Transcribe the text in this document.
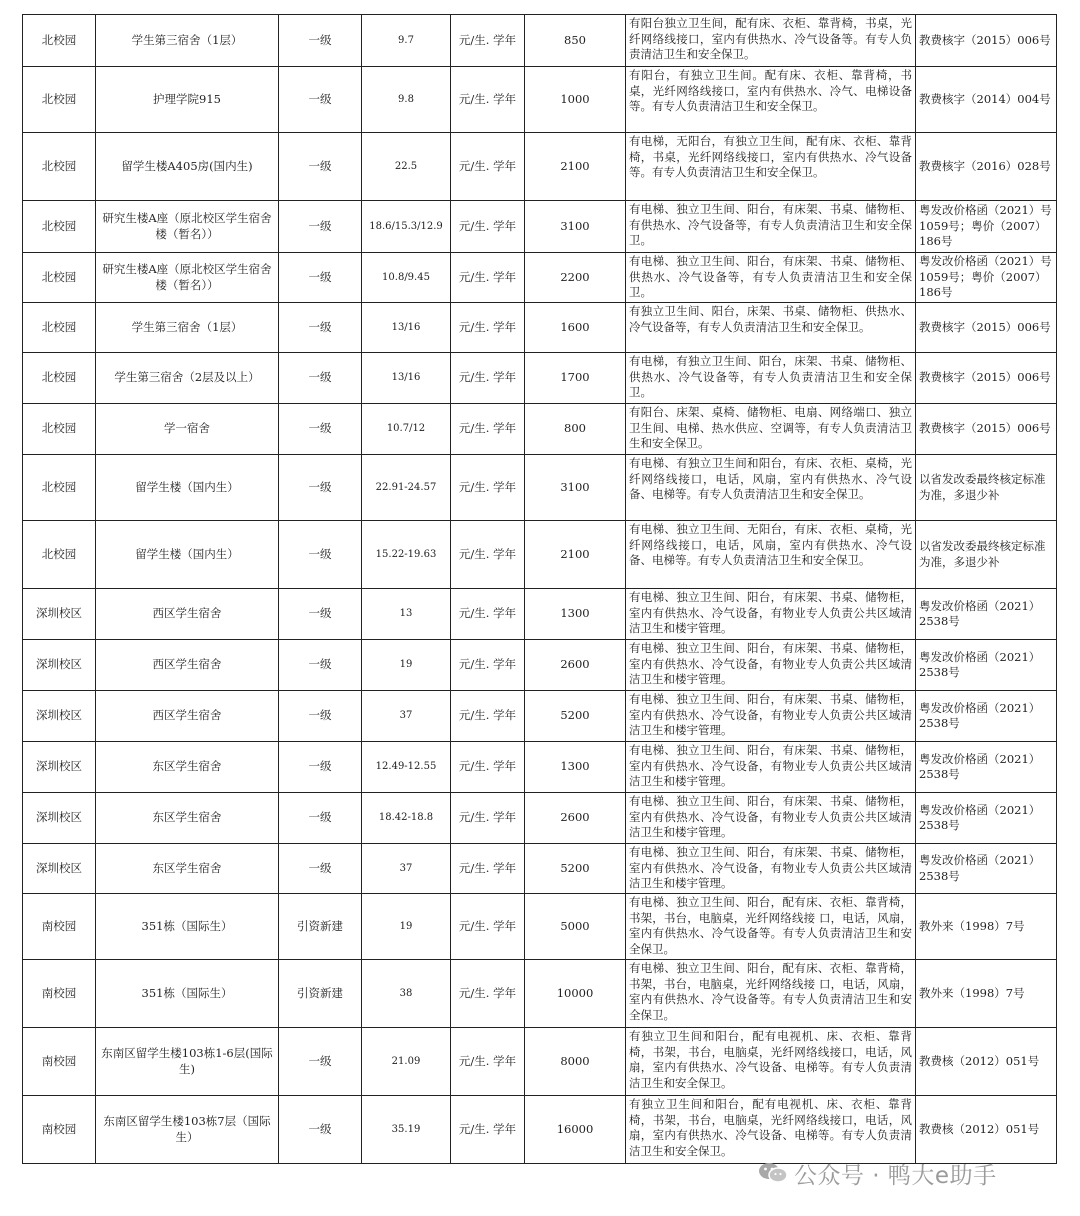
北校园	学生第三宿舍（1层）	一级	9.7	元/生. 学年	850	有阳台独立卫生间，配有床、衣柜、靠背椅，书桌，光纤网络线接口，室内有供热水、冷气设备等。有专人负责清洁卫生和安全保卫。	教费核字（2015）006号
北校园	护理学院915	一级	9.8	元/生. 学年	1000	有阳台，有独立卫生间。配有床、衣柜、靠背椅，书桌，光纤网络线接口，室内有供热水、冷气、电梯设备等。有专人负责清洁卫生和安全保卫。	教费核字（2014）004号
北校园	留学生楼A405房(国内生)	一级	22.5	元/生. 学年	2100	有电梯，无阳台，有独立卫生间，配有床、衣柜、靠背椅，书桌，光纤网络线接口，室内有供热水、冷气设备等。有专人负责清洁卫生和安全保卫。	教费核字（2016）028号
北校园	研究生楼A座（原北校区学生宿舍楼（暂名））	一级	18.6/15.3/12.9	元/生. 学年	3100	有电梯、独立卫生间、阳台，有床架、书桌、储物柜、有供热水、冷气设备等，有专人负责清洁卫生和安全保卫。	粤发改价格函（2021）号1059号；粤价（2007）186号
北校园	研究生楼A座（原北校区学生宿舍楼（暂名））	一级	10.8/9.45	元/生. 学年	2200	有电梯、独立卫生间、阳台，有床架、书桌、储物柜、供热水、冷气设备等，有专人负责清洁卫生和安全保卫。	粤发改价格函（2021）号1059号；粤价（2007）186号
北校园	学生第三宿舍（1层）	一级	13/16	元/生. 学年	1600	有独立卫生间、阳台，床架、书桌、储物柜、供热水、冷气设备等，有专人负责清洁卫生和安全保卫。	教费核字（2015）006号
北校园	学生第三宿舍（2层及以上）	一级	13/16	元/生. 学年	1700	有电梯，有独立卫生间、阳台，床架、书桌、储物柜、供热水、冷气设备等，有专人负责清洁卫生和安全保卫。	教费核字（2015）006号
北校园	学一宿舍	一级	10.7/12	元/生. 学年	800	有阳台、床架、桌椅、储物柜、电扇、网络端口、独立卫生间、电梯、热水供应、空调等，有专人负责清洁卫生和安全保卫。	教费核字（2015）006号
北校园	留学生楼（国内生）	一级	22.91-24.57	元/生. 学年	3100	有电梯、有独立卫生间和阳台，有床、衣柜、桌椅，光纤网络线接口，电话，风扇，室内有供热水、冷气设备、电梯等。有专人负责清洁卫生和安全保卫。	以省发改委最终核定标准为准，多退少补
北校园	留学生楼（国内生）	一级	15.22-19.63	元/生. 学年	2100	有电梯、独立卫生间、无阳台，有床、衣柜、桌椅，光纤网络线接口，电话，风扇，室内有供热水、冷气设备、电梯等。有专人负责清洁卫生和安全保卫。	以省发改委最终核定标准为准，多退少补
深圳校区	西区学生宿舍	一级	13	元/生. 学年	1300	有电梯、独立卫生间、阳台，有床架、书桌、储物柜，室内有供热水、冷气设备，有物业专人负责公共区域清洁卫生和楼宇管理。	粤发改价格函（2021）2538号
深圳校区	西区学生宿舍	一级	19	元/生. 学年	2600	有电梯、独立卫生间、阳台，有床架、书桌、储物柜，室内有供热水、冷气设备，有物业专人负责公共区域清洁卫生和楼宇管理。	粤发改价格函（2021）2538号
深圳校区	西区学生宿舍	一级	37	元/生. 学年	5200	有电梯、独立卫生间、阳台，有床架、书桌、储物柜，室内有供热水、冷气设备，有物业专人负责公共区域清洁卫生和楼宇管理。	粤发改价格函（2021）2538号
深圳校区	东区学生宿舍	一级	12.49-12.55	元/生. 学年	1300	有电梯、独立卫生间、阳台，有床架、书桌、储物柜，室内有供热水、冷气设备，有物业专人负责公共区域清洁卫生和楼宇管理。	粤发改价格函（2021）2538号
深圳校区	东区学生宿舍	一级	18.42-18.8	元/生. 学年	2600	有电梯、独立卫生间、阳台，有床架、书桌、储物柜，室内有供热水、冷气设备，有物业专人负责公共区域清洁卫生和楼宇管理。	粤发改价格函（2021）2538号
深圳校区	东区学生宿舍	一级	37	元/生. 学年	5200	有电梯、独立卫生间、阳台，有床架、书桌、储物柜，室内有供热水、冷气设备，有物业专人负责公共区域清洁卫生和楼宇管理。	粤发改价格函（2021）2538号
南校园	351栋（国际生）	引资新建	19	元/生. 学年	5000	有电梯、独立卫生间、阳台，配有床、衣柜、靠背椅，书架，书台，电脑桌，光纤网络线接 口，电话，风扇，室内有供热水、冷气设备等。有专人负责清洁卫生和安全保卫。	教外来（1998）7号
南校园	351栋（国际生）	引资新建	38	元/生. 学年	10000	有电梯、独立卫生间、阳台，配有床、衣柜、靠背椅，书架，书台，电脑桌，光纤网络线接 口，电话，风扇，室内有供热水、冷气设备等。有专人负责清洁卫生和安全保卫。	教外来（1998）7号
南校园	东南区留学生楼103栋1-6层(国际生)	一级	21.09	元/生. 学年	8000	有独立卫生间和阳台，配有电视机、床、衣柜、靠背椅，书架，书台，电脑桌，光纤网络线接口，电话，风扇，室内有供热水、冷气设备、电梯等。有专人负责清洁卫生和安全保卫。	教费核（2012）051号
南校园	东南区留学生楼103栋7层（国际生）	一级	35.19	元/生. 学年	16000	有独立卫生间和阳台，配有电视机、床、衣柜、靠背椅，书架，书台，电脑桌，光纤网络线接口，电话，风扇，室内有供热水、冷气设备、电梯等。有专人负责清洁卫生和安全保卫。	教费核（2012）051号
公众号 · 鸭大e助手
